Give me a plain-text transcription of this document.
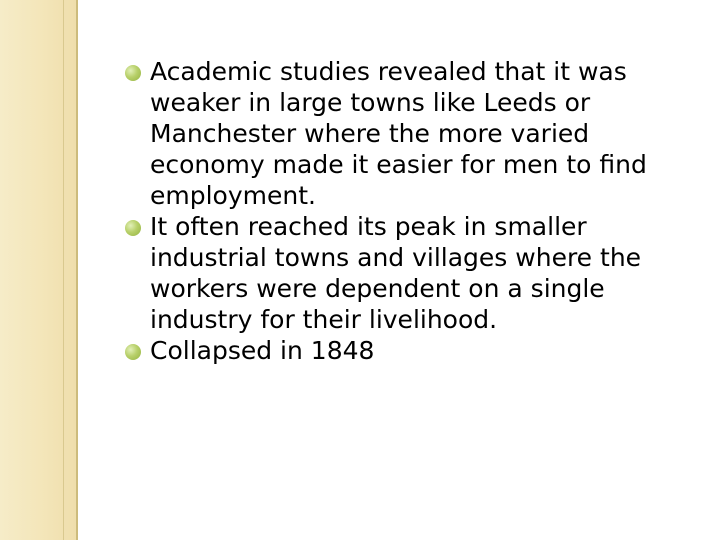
Academic studies revealed that it was weaker in large towns like Leeds or Manchester where the more varied economy made it easier for men to find employment.
It often reached its peak in smaller industrial towns and villages where the workers were dependent on a single industry for their livelihood.
Collapsed in 1848
